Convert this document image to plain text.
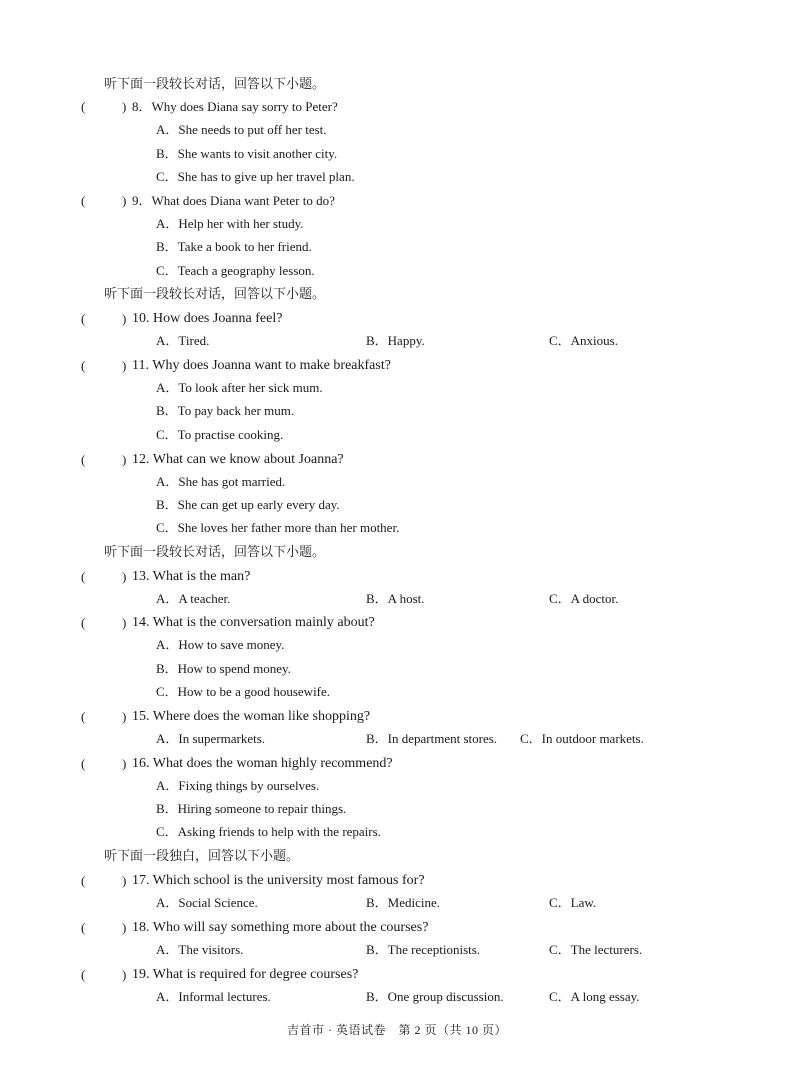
听下面一段较长对话，回答以下小题。
(	) 8．Why does Diana say sorry to Peter?
A．She needs to put off her test.
B．She wants to visit another city.
C．She has to give up her travel plan.
(	) 9．What does Diana want Peter to do?
A．Help her with her study.
B．Take a book to her friend.
C．Teach a geography lesson.
听下面一段较长对话，回答以下小题。
(	) 10. How does Joanna feel?
A．Tired.	B．Happy.	C．Anxious.
(	) 11. Why does Joanna want to make breakfast?
A．To look after her sick mum.
B．To pay back her mum.
C．To practise cooking.
(	) 12. What can we know about Joanna?
A．She has got married.
B．She can get up early every day.
C．She loves her father more than her mother.
听下面一段较长对话，回答以下小题。
(	) 13. What is the man?
A．A teacher.	B．A host.	C．A doctor.
(	) 14. What is the conversation mainly about?
A．How to save money.
B．How to spend money.
C．How to be a good housewife.
(	) 15. Where does the woman like shopping?
A．In supermarkets.	B．In department stores. C．In outdoor markets.
(	) 16. What does the woman highly recommend?
A．Fixing things by ourselves.
B．Hiring someone to repair things.
C．Asking friends to help with the repairs.
听下面一段独白，回答以下小题。
(	) 17. Which school is the university most famous for?
A．Social Science.	B．Medicine.	C．Law.
(	) 18. Who will say something more about the courses?
A．The visitors.	B．The receptionists.	C．The lecturers.
(	) 19. What is required for degree courses?
A．Informal lectures.	B．One group discussion.	C．A long essay.
吉首市 · 英语试卷　第 2 页（共 10 页）
